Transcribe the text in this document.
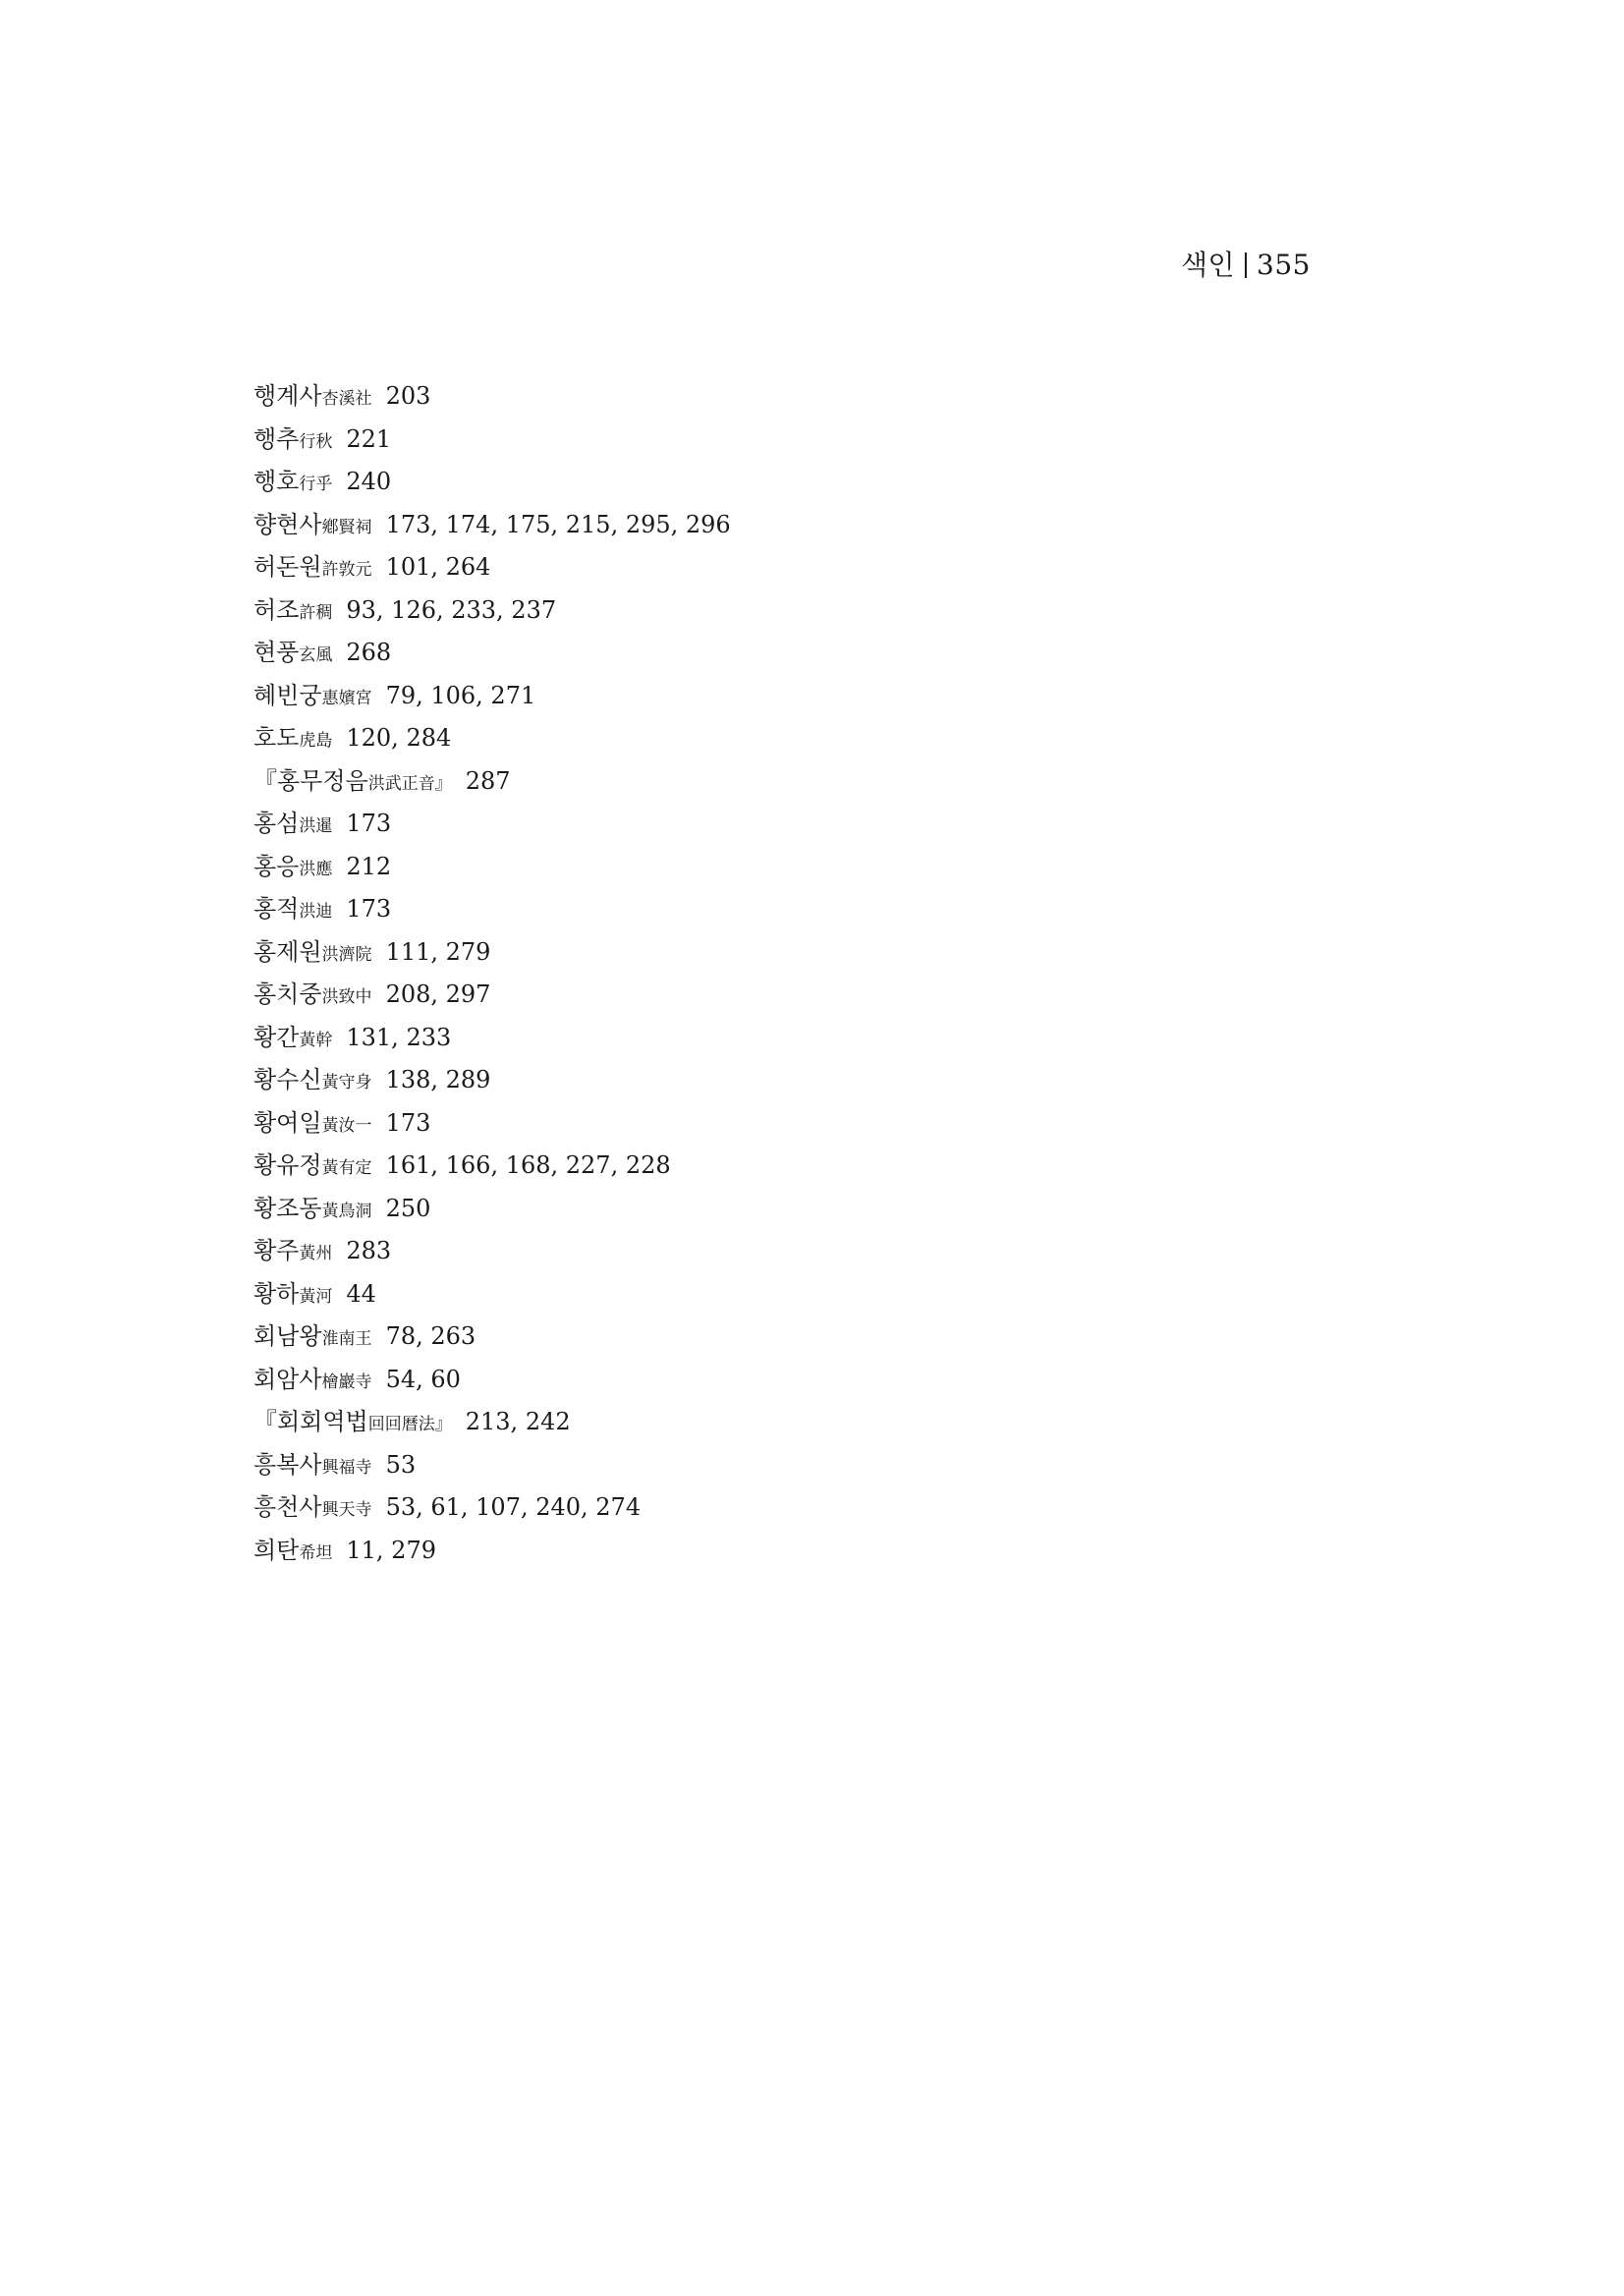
색인 355
행계사杏溪社 203
행추行秋 221
행호行乎 240
향현사鄕賢祠 173, 174, 175, 215, 295, 296
허돈원許敦元 101, 264
허조許稠 93, 126, 233, 237
현풍玄風 268
혜빈궁惠嬪宮 79, 106, 271
호도虎島 120, 284
『홍무정음洪武正音』 287
홍섬洪暹 173
홍응洪應 212
홍적洪迪 173
홍제원洪濟院 111, 279
홍치중洪致中 208, 297
황간黃幹 131, 233
황수신黃守身 138, 289
황여일黃汝一 173
황유정黃有定 161, 166, 168, 227, 228
황조동黃鳥洞 250
황주黃州 283
황하黃河 44
회남왕淮南王 78, 263
회암사檜巖寺 54, 60
『회회역법回回曆法』 213, 242
흥복사興福寺 53
흥천사興天寺 53, 61, 107, 240, 274
희탄希坦 11, 279
